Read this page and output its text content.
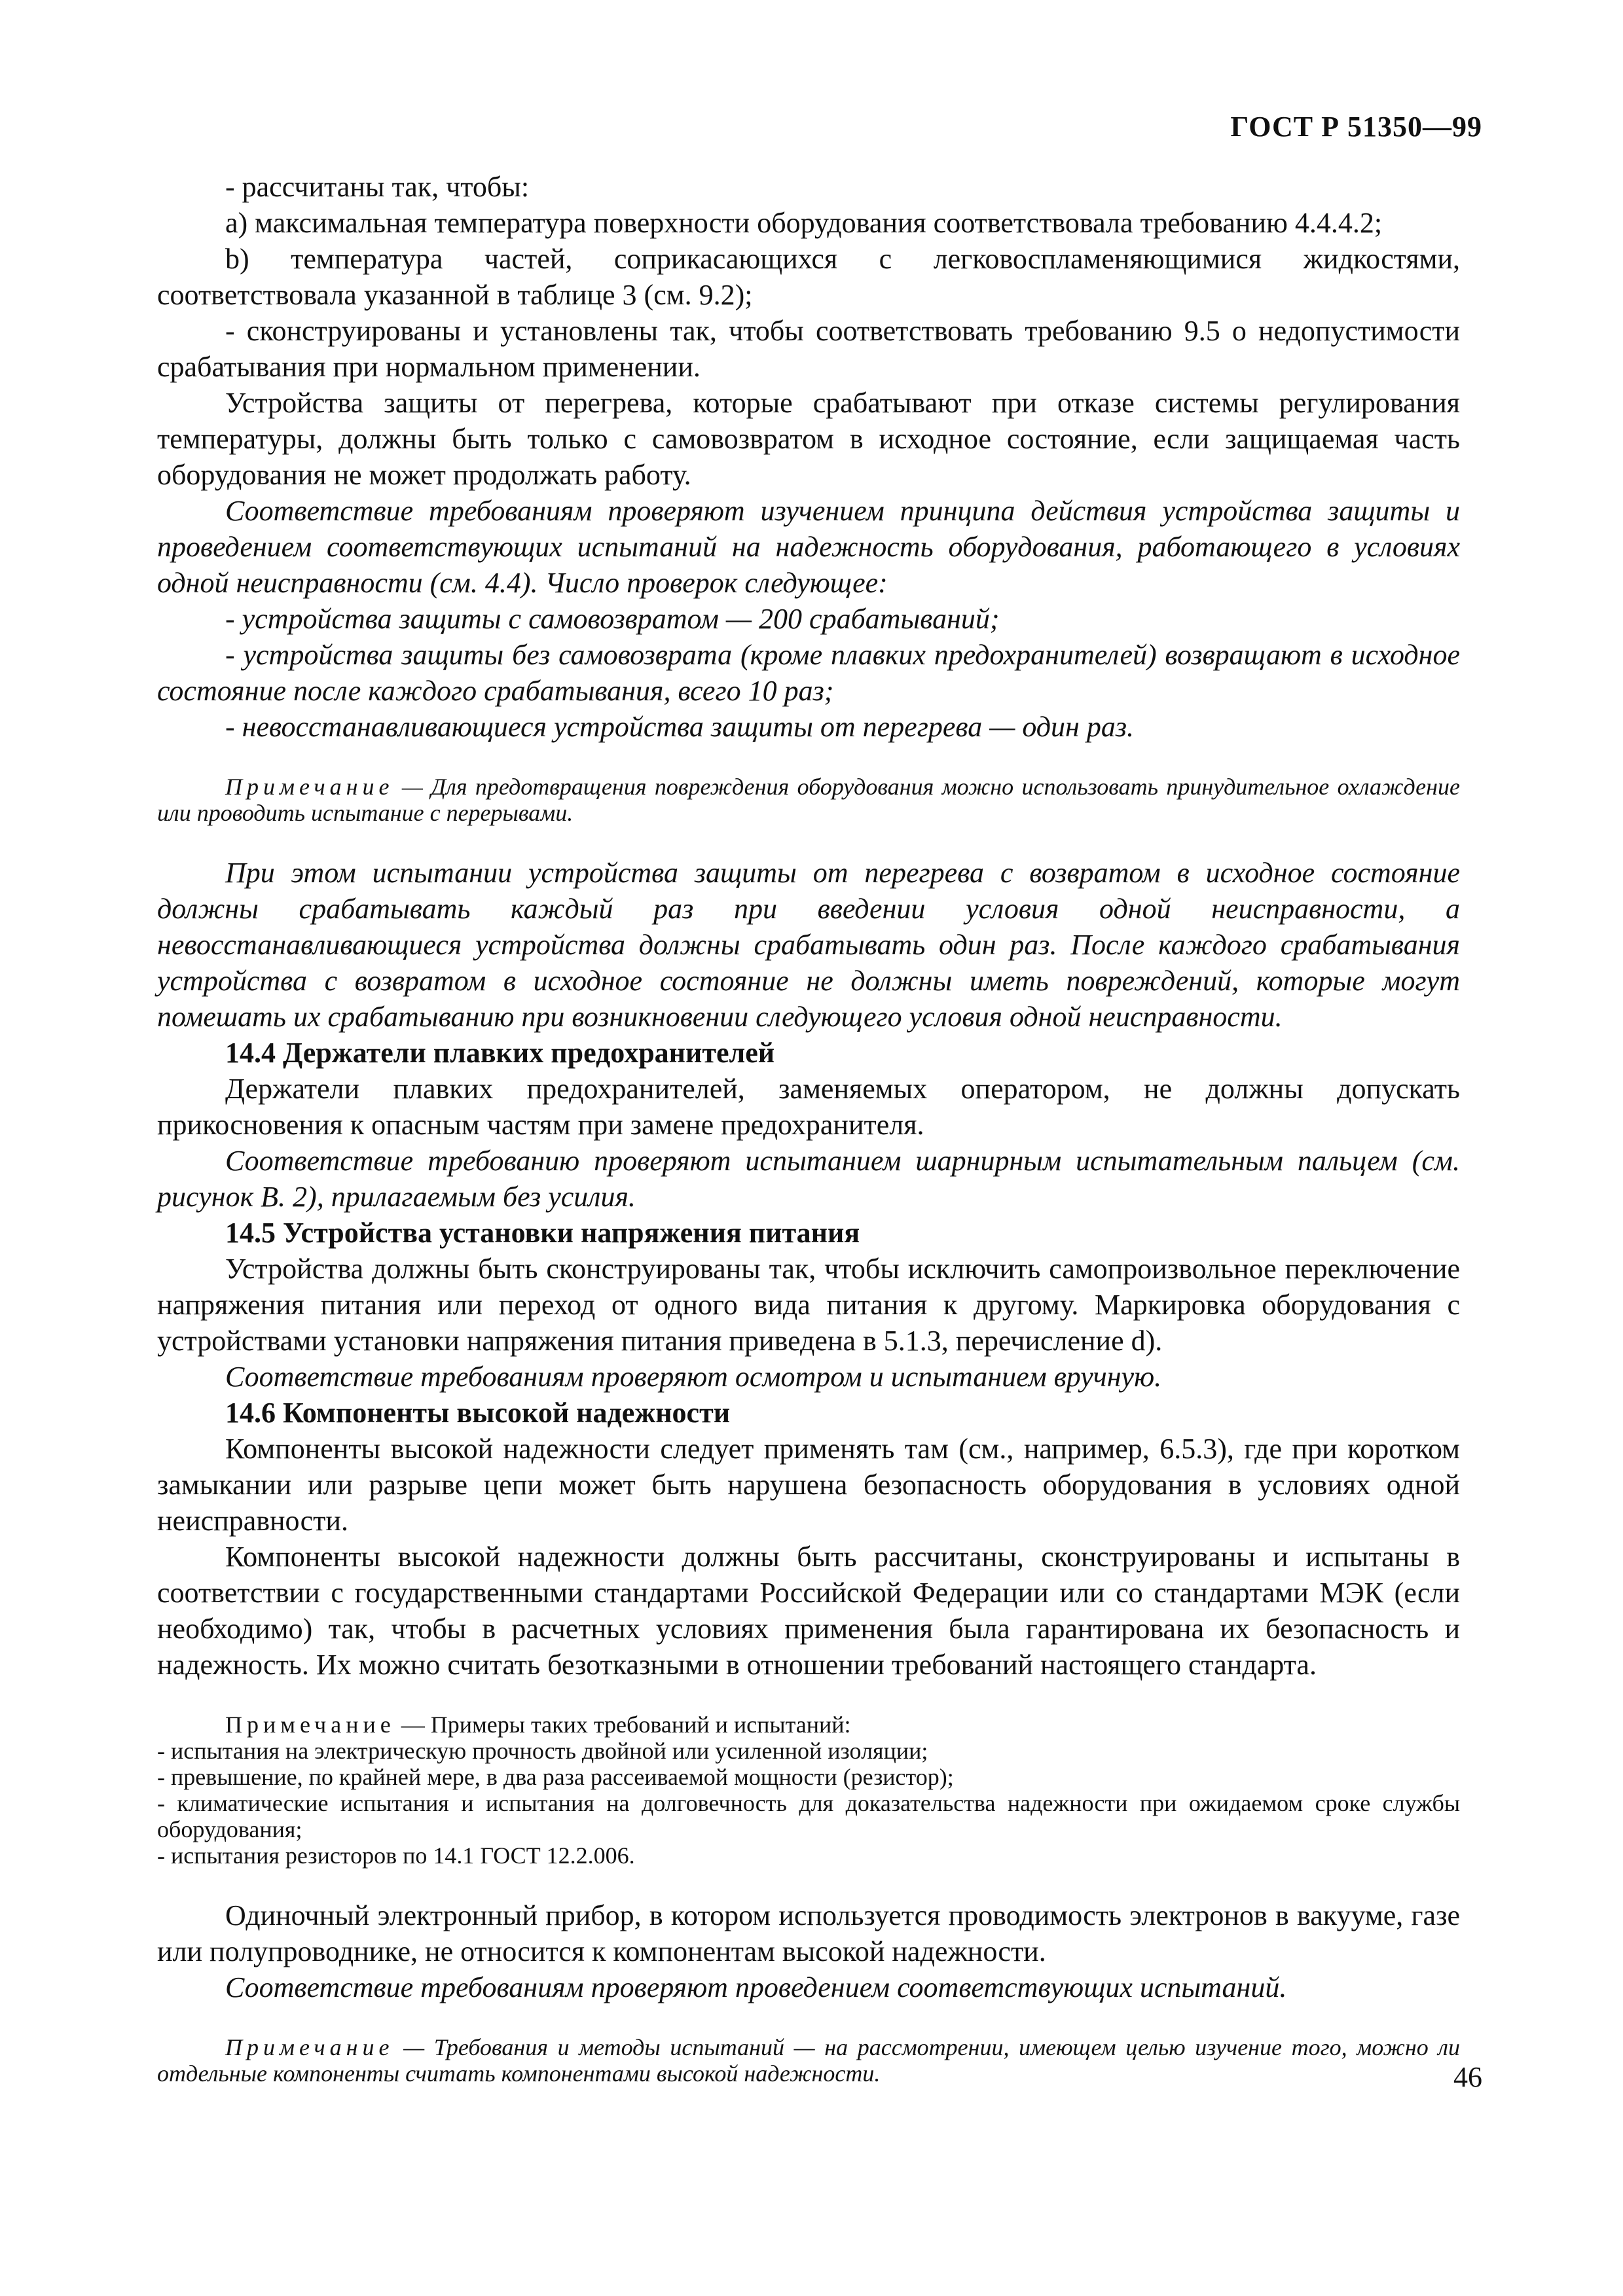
ГОСТ Р 51350—99

- рассчитаны так, чтобы:

a) максимальная температура поверхности оборудования соответствовала требованию 4.4.4.2;

b) температура частей, соприкасающихся с легковоспламеняющимися жидкостями, соответствовала указанной в таблице 3 (см. 9.2);

- сконструированы и установлены так, чтобы соответствовать требованию 9.5 о недопустимости срабатывания при нормальном применении.

Устройства защиты от перегрева, которые срабатывают при отказе системы регулирования температуры, должны быть только с самовозвратом в исходное состояние, если защищаемая часть оборудования не может продолжать работу.

Соответствие требованиям проверяют изучением принципа действия устройства защиты и проведением соответствующих испытаний на надежность оборудования, работающего в условиях одной неисправности (см. 4.4). Число проверок следующее:

- устройства защиты с самовозвратом — 200 срабатываний;

- устройства защиты без самовозврата (кроме плавких предохранителей) возвращают в исходное состояние после каждого срабатывания, всего 10 раз;

- невосстанавливающиеся устройства защиты от перегрева — один раз.

Примечание — Для предотвращения повреждения оборудования можно использовать принудительное охлаждение или проводить испытание с перерывами.

При этом испытании устройства защиты от перегрева с возвратом в исходное состояние должны срабатывать каждый раз при введении условия одной неисправности, а невосстанавливающиеся устройства должны срабатывать один раз. После каждого срабатывания устройства с возвратом в исходное состояние не должны иметь повреждений, которые могут помешать их срабатыванию при возникновении следующего условия одной неисправности.

14.4 Держатели плавких предохранителей

Держатели плавких предохранителей, заменяемых оператором, не должны допускать прикосновения к опасным частям при замене предохранителя.

Соответствие требованию проверяют испытанием шарнирным испытательным пальцем (см. рисунок В. 2), прилагаемым без усилия.

14.5 Устройства установки напряжения питания

Устройства должны быть сконструированы так, чтобы исключить самопроизвольное переключение напряжения питания или переход от одного вида питания к другому. Маркировка оборудования с устройствами установки напряжения питания приведена в 5.1.3, перечисление d).

Соответствие требованиям проверяют осмотром и испытанием вручную.

14.6 Компоненты высокой надежности

Компоненты высокой надежности следует применять там (см., например, 6.5.3), где при коротком замыкании или разрыве цепи может быть нарушена безопасность оборудования в условиях одной неисправности.

Компоненты высокой надежности должны быть рассчитаны, сконструированы и испытаны в соответствии с государственными стандартами Российской Федерации или со стандартами МЭК (если необходимо) так, чтобы в расчетных условиях применения была гарантирована их безопасность и надежность. Их можно считать безотказными в отношении требований настоящего стандарта.

Примечание — Примеры таких требований и испытаний:

- испытания на электрическую прочность двойной или усиленной изоляции;

- превышение, по крайней мере, в два раза рассеиваемой мощности (резистор);

- климатические испытания и испытания на долговечность для доказательства надежности при ожидаемом сроке службы оборудования;

- испытания резисторов по 14.1 ГОСТ 12.2.006.

Одиночный электронный прибор, в котором используется проводимость электронов в вакууме, газе или полупроводнике, не относится к компонентам высокой надежности.

Соответствие требованиям проверяют проведением соответствующих испытаний.

Примечание — Требования и методы испытаний — на рассмотрении, имеющем целью изучение того, можно ли отдельные компоненты считать компонентами высокой надежности.	46
